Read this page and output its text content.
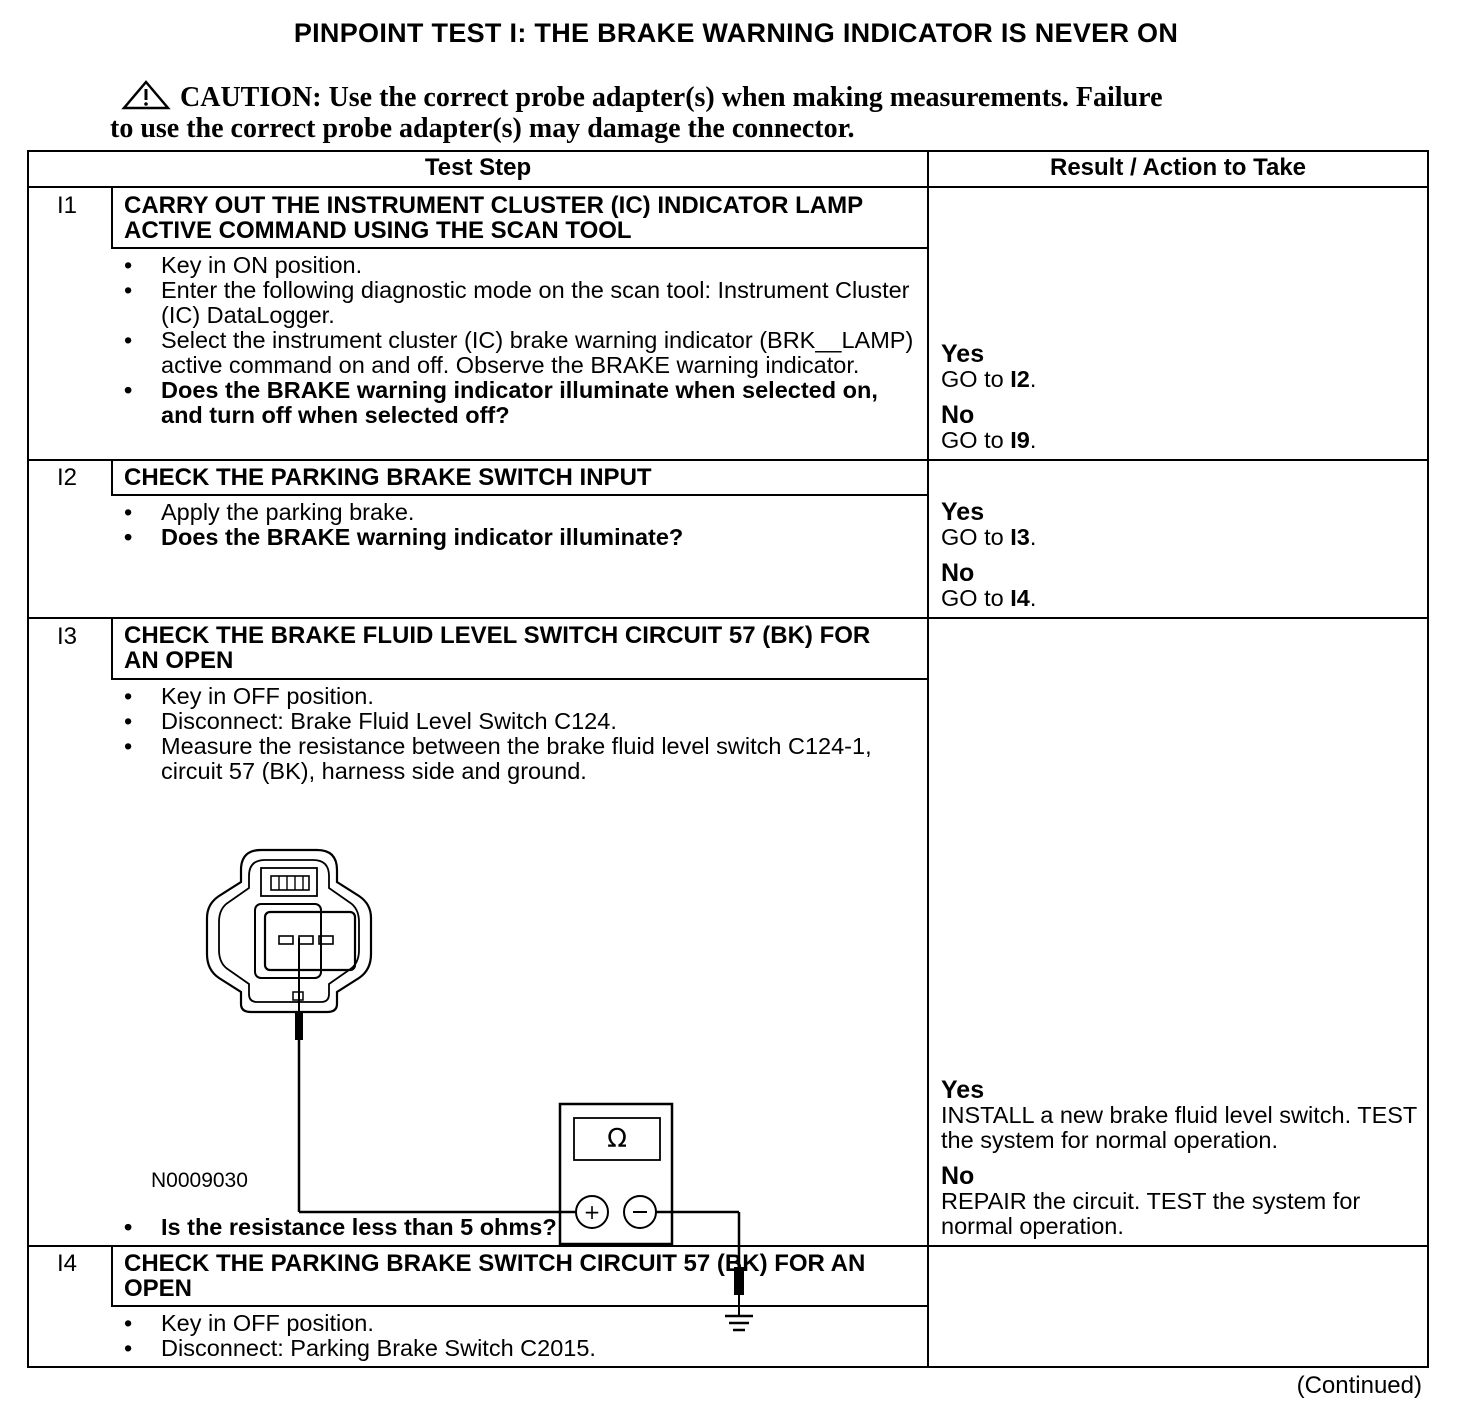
PINPOINT TEST I: THE BRAKE WARNING INDICATOR IS NEVER ON
CAUTION: Use the correct probe adapter(s) when making measurements. Failure
to use the correct probe adapter(s) may damage the connector.
Test Step	Result / Action to Take
I1 CARRY OUT THE INSTRUMENT CLUSTER (IC) INDICATOR LAMP ACTIVE COMMAND USING THE SCAN TOOL
• Key in ON position.
• Enter the following diagnostic mode on the scan tool: Instrument Cluster (IC) DataLogger.
• Select the instrument cluster (IC) brake warning indicator (BRK__LAMP) active command on and off. Observe the BRAKE warning indicator.
• Does the BRAKE warning indicator illuminate when selected on, and turn off when selected off?
Yes
GO to I2.
No
GO to I9.
I2 CHECK THE PARKING BRAKE SWITCH INPUT
• Apply the parking brake.
• Does the BRAKE warning indicator illuminate?
Yes
GO to I3.
No
GO to I4.
I3 CHECK THE BRAKE FLUID LEVEL SWITCH CIRCUIT 57 (BK) FOR AN OPEN
• Key in OFF position.
• Disconnect: Brake Fluid Level Switch C124.
• Measure the resistance between the brake fluid level switch C124-1, circuit 57 (BK), harness side and ground.
Ω
+
N0009030
• Is the resistance less than 5 ohms?
Yes
INSTALL a new brake fluid level switch. TEST the system for normal operation.
No
REPAIR the circuit. TEST the system for normal operation.
I4 CHECK THE PARKING BRAKE SWITCH CIRCUIT 57 (BK) FOR AN OPEN
• Key in OFF position.
• Disconnect: Parking Brake Switch C2015.
(Continued)
